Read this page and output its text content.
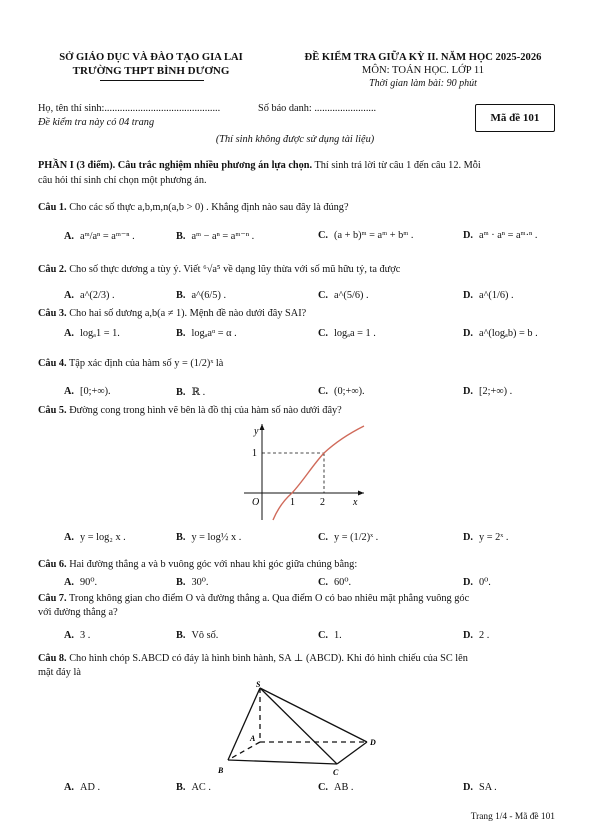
SỞ GIÁO DỤC VÀ ĐÀO TẠO GIA LAI
TRƯỜNG THPT BÌNH DƯƠNG
ĐỀ KIỂM TRA GIỮA KỲ II. NĂM HỌC 2025-2026
MÔN: TOÁN HỌC. LỚP 11
Thời gian làm bài: 90 phút
Họ, tên thí sinh:.............................................	Số báo danh: ........................
Đề kiểm tra này có 04 trang	Mã đề 101
(Thí sinh không được sử dụng tài liệu)
PHẦN I (3 điểm). Câu trắc nghiệm nhiều phương án lựa chọn. Thí sinh trả lời từ câu 1 đến câu 12. Mỗi
câu hỏi thí sinh chỉ chọn một phương án.
Câu 1. Cho các số thực a,b,m,n(a,b > 0) . Khẳng định nào sau đây là đúng?
A. aᵐ/aⁿ = aᵐ⁻ⁿ .	B. aᵐ − aⁿ = aᵐ⁻ⁿ .	C. (a + b)ᵐ = aᵐ + bᵐ .	D. aᵐ · aⁿ = aᵐ·ⁿ .
Câu 2. Cho số thực dương a tùy ý. Viết ⁶√a⁵ về dạng lũy thừa với số mũ hữu tỷ, ta được
A. a^(2/3) .	B. a^(6/5) .	C. a^(5/6) .	D. a^(1/6) .
Câu 3. Cho hai số dương a,b(a ≠ 1). Mệnh đề nào dưới đây SAI?
A. logₐ1 = 1.	B. logₐaᵅ = α .	C. logₐa = 1 .	D. a^(logₐb) = b .
Câu 4. Tập xác định của hàm số y = (1/2)ˣ là
A. [0;+∞).	B. ℝ .	C. (0;+∞).	D. [2;+∞) .
Câu 5. Đường cong trong hình vẽ bên là đồ thị của hàm số nào dưới đây?
y
1
O	1	2	x
A. y = log₂ x .	B. y = log½ x .	C. y = (1/2)ˣ .	D. y = 2ˣ .
Câu 6. Hai đường thẳng a và b vuông góc với nhau khi góc giữa chúng bằng:
A. 90⁰.	B. 30⁰.	C. 60⁰.	D. 0⁰.
Câu 7. Trong không gian cho điểm O và đường thẳng a. Qua điểm O có bao nhiêu mặt phẳng vuông góc
với đường thẳng a?
A. 3 .	B. Vô số.	C. 1.	D. 2 .
Câu 8. Cho hình chóp S.ABCD có đáy là hình bình hành, SA ⊥ (ABCD). Khi đó hình chiếu của SC lên
mặt đáy là
S
A
B	C
D
A. AD .	B. AC .	C. AB .	D. SA .
Trang 1/4 - Mã đề 101
